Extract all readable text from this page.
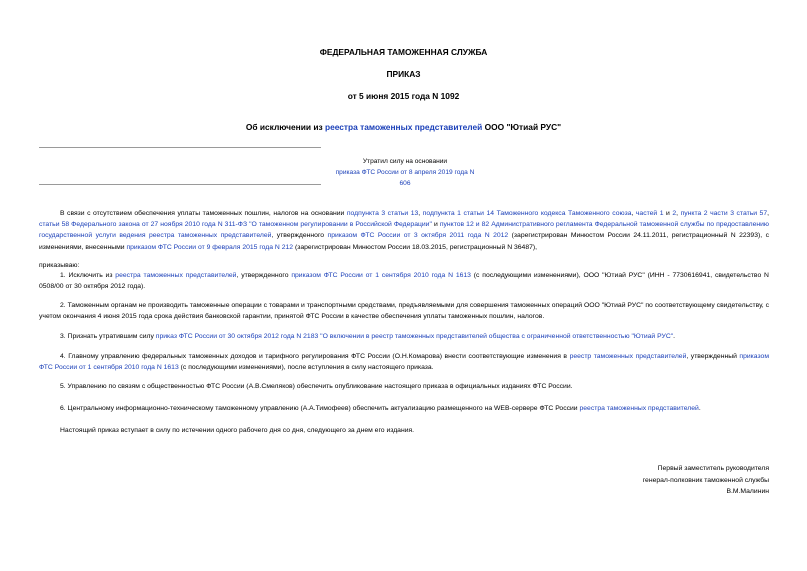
ФЕДЕРАЛЬНАЯ ТАМОЖЕННАЯ СЛУЖБА
ПРИКАЗ
от 5 июня 2015 года N 1092
Об исключении из реестра таможенных представителей ООО "Ютиай РУС"
Утратил силу на основании
приказа ФТС России от 8 апреля 2019 года N 606
В связи с отсутствием обеспечения уплаты таможенных пошлин, налогов на основании подпункта 3 статьи 13, подпункта 1 статьи 14 Таможенного кодекса Таможенного союза, частей 1 и 2, пункта 2 части 3 статьи 57, статьи 58 Федерального закона от 27 ноября 2010 года N 311-ФЗ "О таможенном регулировании в Российской Федерации" и пунктов 12 и 82 Административного регламента Федеральной таможенной службы по предоставлению государственной услуги ведения реестра таможенных представителей, утвержденного приказом ФТС России от 3 октября 2011 года N 2012 (зарегистрирован Минюстом России 24.11.2011, регистрационный N 22393), с изменениями, внесенными приказом ФТС России от 9 февраля 2015 года N 212 (зарегистрирован Минюстом России 18.03.2015, регистрационный N 36487),
приказываю:
1. Исключить из реестра таможенных представителей, утвержденного приказом ФТС России от 1 сентября 2010 года N 1613 (с последующими изменениями), ООО "Ютиай РУС" (ИНН - 7730616941, свидетельство N 0508/00 от 30 октября 2012 года).
2. Таможенным органам не производить таможенные операции с товарами и транспортными средствами, предъявляемыми для совершения таможенных операций ООО "Ютиай РУС" по соответствующему свидетельству, с учетом окончания 4 июня 2015 года срока действия банковской гарантии, принятой ФТС России в качестве обеспечения уплаты таможенных пошлин, налогов.
3. Признать утратившим силу приказ ФТС России от 30 октября 2012 года N 2183 "О включении в реестр таможенных представителей общества с ограниченной ответственностью "Ютиай РУС".
4. Главному управлению федеральных таможенных доходов и тарифного регулирования ФТС России (О.Н.Комарова) внести соответствующие изменения в реестр таможенных представителей, утвержденный приказом ФТС России от 1 сентября 2010 года N 1613 (с последующими изменениями), после вступления в силу настоящего приказа.
5. Управлению по связям с общественностью ФТС России (А.В.Смеляков) обеспечить опубликование настоящего приказа в официальных изданиях ФТС России.
6. Центральному информационно-техническому таможенному управлению (А.А.Тимофеев) обеспечить актуализацию размещенного на WEB-сервере ФТС России реестра таможенных представителей.
Настоящий приказ вступает в силу по истечении одного рабочего дня со дня, следующего за днем его издания.
Первый заместитель руководителя
генерал-полковник таможенной службы
В.М.Малинин
